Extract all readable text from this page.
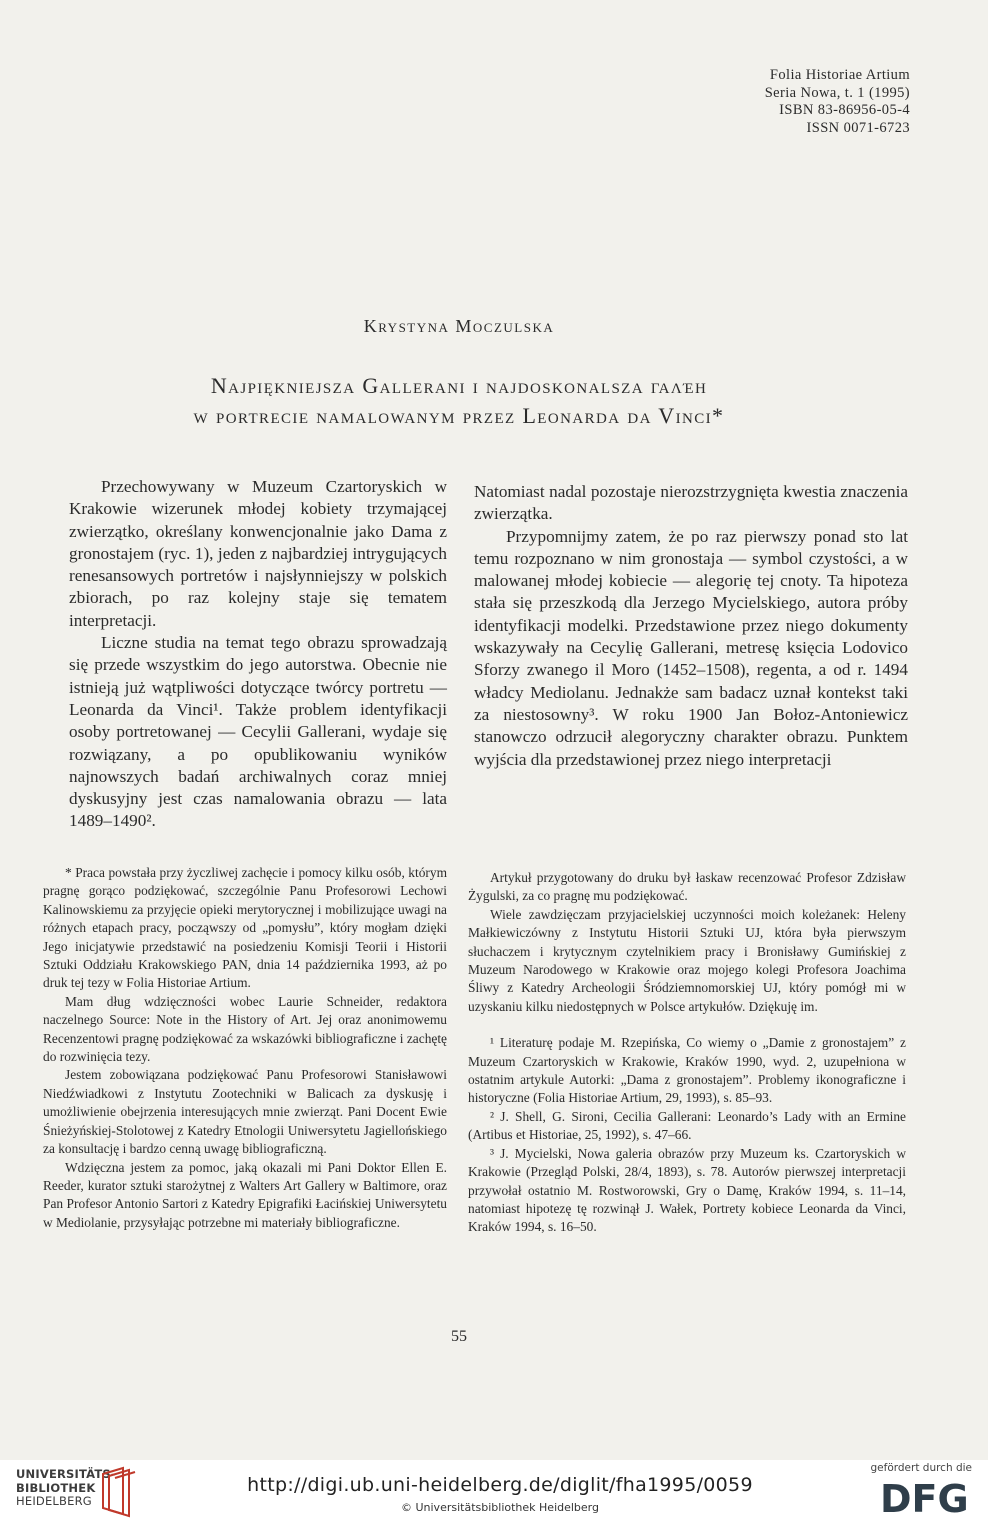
Folia Historiae Artium
Seria Nowa, t. 1 (1995)
ISBN 83-86956-05-4
ISSN 0071-6723
Krystyna Moczulska
Najpiękniejsza Gallerani i najdoskonalsza γαλέη
w portrecie namalowanym przez Leonarda da Vinci*

Przechowywany w Muzeum Czartoryskich w Krakowie wizerunek młodej kobiety trzymającej zwierzątko, określany konwencjonalnie jako Dama z gronostajem (ryc. 1), jeden z najbardziej intrygujących renesansowych portretów i najsłynniejszy w polskich zbiorach, po raz kolejny staje się tematem interpretacji.

Liczne studia na temat tego obrazu sprowadzają się przede wszystkim do jego autorstwa. Obecnie nie istnieją już wątpliwości dotyczące twórcy portretu — Leonarda da Vinci¹. Także problem identyfikacji osoby portretowanej — Cecylii Gallerani, wydaje się rozwiązany, a po opublikowaniu wyników najnowszych badań archiwalnych coraz mniej dyskusyjny jest czas namalowania obrazu — lata 1489–1490².

Natomiast nadal pozostaje nierozstrzygnięta kwestia znaczenia zwierzątka.

Przypomnijmy zatem, że po raz pierwszy ponad sto lat temu rozpoznano w nim gronostaja — symbol czystości, a w malowanej młodej kobiecie — alegorię tej cnoty. Ta hipoteza stała się przeszkodą dla Jerzego Mycielskiego, autora próby identyfikacji modelki. Przedstawione przez niego dokumenty wskazywały na Cecylię Gallerani, metresę księcia Lodovico Sforzy zwanego il Moro (1452–1508), regenta, a od r. 1494 władcy Mediolanu. Jednakże sam badacz uznał kontekst taki za niestosowny³. W roku 1900 Jan Bołoz-Antoniewicz stanowczo odrzucił alegoryczny charakter obrazu. Punktem wyjścia dla przedstawionej przez niego interpretacji

* Praca powstała przy życzliwej zachęcie i pomocy kilku osób, którym pragnę gorąco podziękować, szczególnie Panu Profesorowi Lechowi Kalinowskiemu za przyjęcie opieki merytorycznej i mobilizujące uwagi na różnych etapach pracy, począwszy od „pomysłu”, który mogłam dzięki Jego inicjatywie przedstawić na posiedzeniu Komisji Teorii i Historii Sztuki Oddziału Krakowskiego PAN, dnia 14 października 1993, aż po druk tej tezy w Folia Historiae Artium.

Mam dług wdzięczności wobec Laurie Schneider, redaktora naczelnego Source: Note in the History of Art. Jej oraz anonimowemu Recenzentowi pragnę podziękować za wskazówki bibliograficzne i zachętę do rozwinięcia tezy.

Jestem zobowiązana podziękować Panu Profesorowi Stanisławowi Niedźwiadkowi z Instytutu Zootechniki w Balicach za dyskusję i umożliwienie obejrzenia interesujących mnie zwierząt. Pani Docent Ewie Śnieżyńskiej-Stolotowej z Katedry Etnologii Uniwersytetu Jagiellońskiego za konsultację i bardzo cenną uwagę bibliograficzną.

Wdzięczna jestem za pomoc, jaką okazali mi Pani Doktor Ellen E. Reeder, kurator sztuki starożytnej z Walters Art Gallery w Baltimore, oraz Pan Profesor Antonio Sartori z Katedry Epigrafiki Łacińskiej Uniwersytetu w Mediolanie, przysyłając potrzebne mi materiały bibliograficzne.

Artykuł przygotowany do druku był łaskaw recenzować Profesor Zdzisław Żygulski, za co pragnę mu podziękować.

Wiele zawdzięczam przyjacielskiej uczynności moich koleżanek: Heleny Małkiewiczówny z Instytutu Historii Sztuki UJ, która była pierwszym słuchaczem i krytycznym czytelnikiem pracy i Bronisławy Gumińskiej z Muzeum Narodowego w Krakowie oraz mojego kolegi Profesora Joachima Śliwy z Katedry Archeologii Śródziemnomorskiej UJ, który pomógł mi w uzyskaniu kilku niedostępnych w Polsce artykułów. Dziękuję im.

¹ Literaturę podaje M. Rzepińska, Co wiemy o „Damie z gronostajem” z Muzeum Czartoryskich w Krakowie, Kraków 1990, wyd. 2, uzupełniona w ostatnim artykule Autorki: „Dama z gronostajem”. Problemy ikonograficzne i historyczne (Folia Historiae Artium, 29, 1993), s. 85–93.

² J. Shell, G. Sironi, Cecilia Gallerani: Leonardo’s Lady with an Ermine (Artibus et Historiae, 25, 1992), s. 47–66.

³ J. Mycielski, Nowa galeria obrazów przy Muzeum ks. Czartoryskich w Krakowie (Przegląd Polski, 28/4, 1893), s. 78. Autorów pierwszej interpretacji przywołał ostatnio M. Rostworowski, Gry o Damę, Kraków 1994, s. 11–14, natomiast hipotezę tę rozwinął J. Wałek, Portrety kobiece Leonarda da Vinci, Kraków 1994, s. 16–50.

55
UNIVERSITÄTS-
BIBLIOTHEK
HEIDELBERG
http://digi.ub.uni-heidelberg.de/diglit/fha1995/0059
© Universitätsbibliothek Heidelberg
gefördert durch die
DFG
